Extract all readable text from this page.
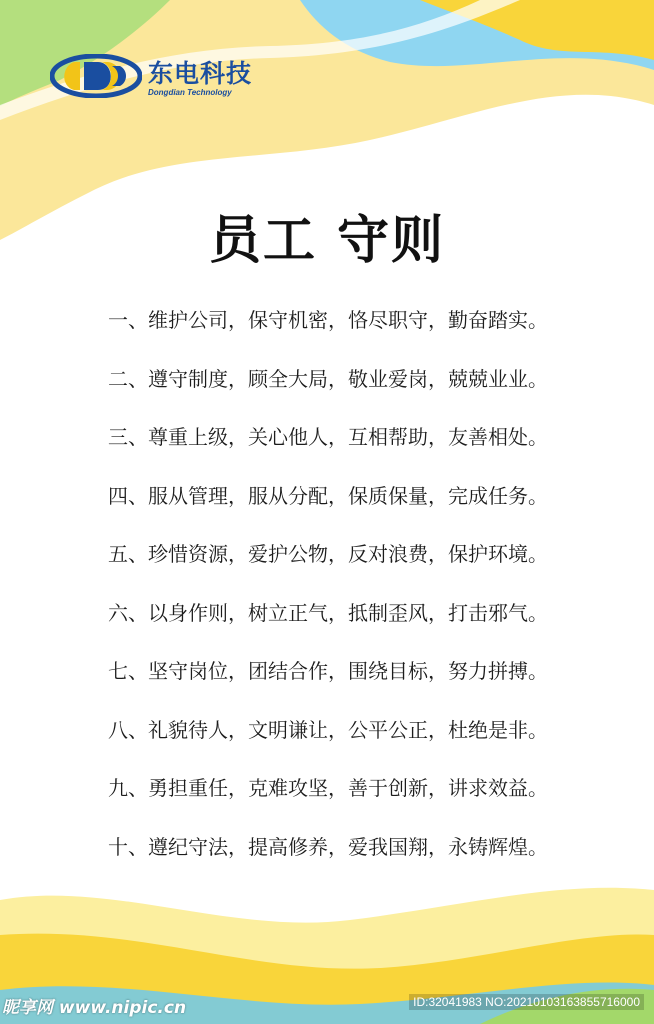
东电科技
Dongdian Technology
员工 守则
一、维护公司，保守机密，恪尽职守，勤奋踏实。
二、遵守制度，顾全大局，敬业爱岗，兢兢业业。
三、尊重上级，关心他人，互相帮助，友善相处。
四、服从管理，服从分配，保质保量，完成任务。
五、珍惜资源，爱护公物，反对浪费，保护环境。
六、以身作则，树立正气，抵制歪风，打击邪气。
七、坚守岗位，团结合作，围绕目标，努力拼搏。
八、礼貌待人，文明谦让，公平公正，杜绝是非。
九、勇担重任，克难攻坚，善于创新，讲求效益。
十、遵纪守法，提高修养，爱我国翔，永铸辉煌。
昵享网 www.nipic.cn	ID:32041983 NO:20210103163855716000
